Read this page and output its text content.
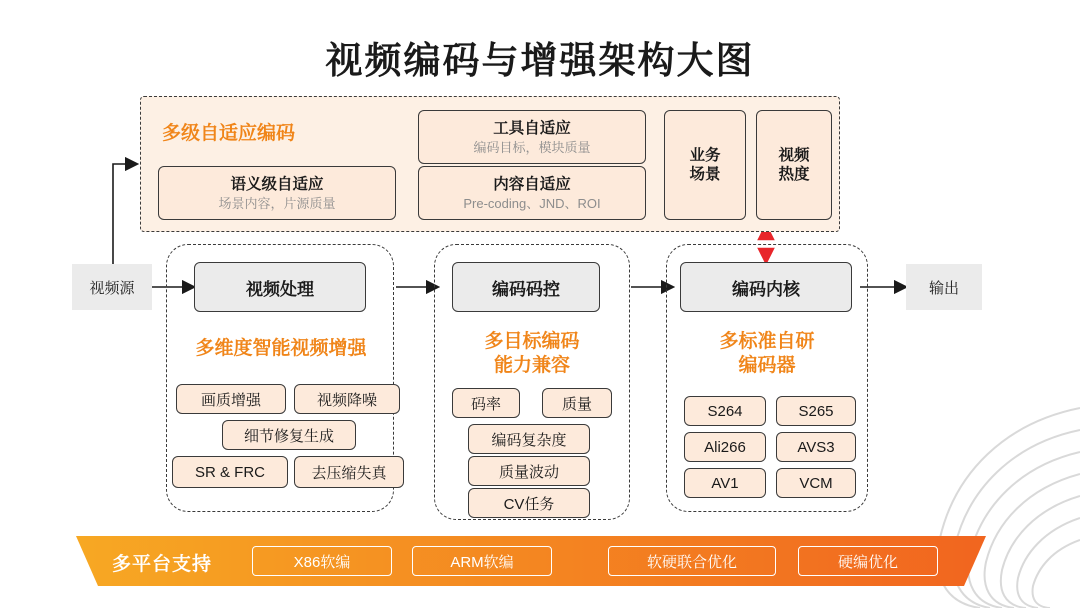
视频编码与增强架构大图
多级自适应编码	工具自适应
编码目标，模块质量
语义级自适应
场景内容，片源质量
内容自适应
Pre-coding、JND、ROI
业务场景
视频热度
视频源	输出
视频处理
多维度智能视频增强
画质增强	视频降噪
细节修复生成
SR & FRC	去压缩失真
编码码控
多目标编码
能力兼容
码率	质量
编码复杂度
质量波动
CV任务
编码内核
多标准自研
编码器
S264	S265
Ali266	AVS3
AV1	VCM
多平台支持	X86软编	ARM软编	软硬联合优化	硬编优化
